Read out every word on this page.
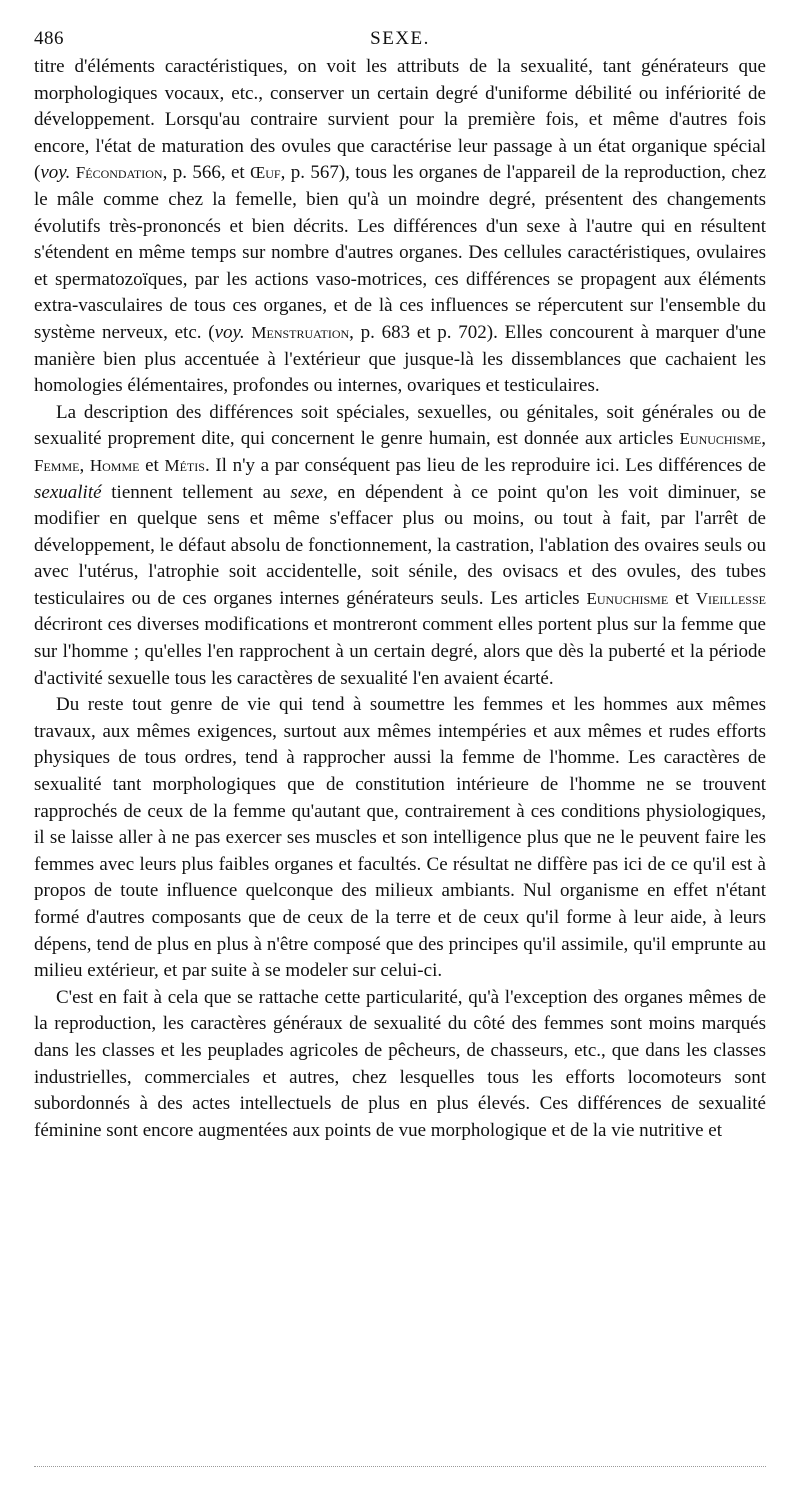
486	SEXE.

titre d'éléments caractéristiques, on voit les attributs de la sexualité, tant générateurs que morphologiques vocaux, etc., conserver un certain degré d'uniforme débilité ou infériorité de développement. Lorsqu'au contraire survient pour la première fois, et même d'autres fois encore, l'état de maturation des ovules que caractérise leur passage à un état organique spécial (voy. Fécondation, p. 566, et Œuf, p. 567), tous les organes de l'appareil de la reproduction, chez le mâle comme chez la femelle, bien qu'à un moindre degré, présentent des changements évolutifs très-prononcés et bien décrits. Les différences d'un sexe à l'autre qui en résultent s'étendent en même temps sur nombre d'autres organes. Des cellules caractéristiques, ovulaires et spermatozoïques, par les actions vaso-motrices, ces différences se propagent aux éléments extra-vasculaires de tous ces organes, et de là ces influences se répercutent sur l'ensemble du système nerveux, etc. (voy. Menstruation, p. 683 et p. 702). Elles concourent à marquer d'une manière bien plus accentuée à l'extérieur que jusque-là les dissemblances que cachaient les homologies élémentaires, profondes ou internes, ovariques et testiculaires.

La description des différences soit spéciales, sexuelles, ou génitales, soit générales ou de sexualité proprement dite, qui concernent le genre humain, est donnée aux articles Eunuchisme, Femme, Homme et Métis. Il n'y a par conséquent pas lieu de les reproduire ici. Les différences de sexualité tiennent tellement au sexe, en dépendent à ce point qu'on les voit diminuer, se modifier en quelque sens et même s'effacer plus ou moins, ou tout à fait, par l'arrêt de développement, le défaut absolu de fonctionnement, la castration, l'ablation des ovaires seuls ou avec l'utérus, l'atrophie soit accidentelle, soit sénile, des ovisacs et des ovules, des tubes testiculaires ou de ces organes internes générateurs seuls. Les articles Eunuchisme et Vieillesse décriront ces diverses modifications et montreront comment elles portent plus sur la femme que sur l'homme ; qu'elles l'en rapprochent à un certain degré, alors que dès la puberté et la période d'activité sexuelle tous les caractères de sexualité l'en avaient écarté.

Du reste tout genre de vie qui tend à soumettre les femmes et les hommes aux mêmes travaux, aux mêmes exigences, surtout aux mêmes intempéries et aux mêmes et rudes efforts physiques de tous ordres, tend à rapprocher aussi la femme de l'homme. Les caractères de sexualité tant morphologiques que de constitution intérieure de l'homme ne se trouvent rapprochés de ceux de la femme qu'autant que, contrairement à ces conditions physiologiques, il se laisse aller à ne pas exercer ses muscles et son intelligence plus que ne le peuvent faire les femmes avec leurs plus faibles organes et facultés. Ce résultat ne diffère pas ici de ce qu'il est à propos de toute influence quelconque des milieux ambiants. Nul organisme en effet n'étant formé d'autres composants que de ceux de la terre et de ceux qu'il forme à leur aide, à leurs dépens, tend de plus en plus à n'être composé que des principes qu'il assimile, qu'il emprunte au milieu extérieur, et par suite à se modeler sur celui-ci.

C'est en fait à cela que se rattache cette particularité, qu'à l'exception des organes mêmes de la reproduction, les caractères généraux de sexualité du côté des femmes sont moins marqués dans les classes et les peuplades agricoles de pêcheurs, de chasseurs, etc., que dans les classes industrielles, commerciales et autres, chez lesquelles tous les efforts locomoteurs sont subordonnés à des actes intellectuels de plus en plus élevés. Ces différences de sexualité féminine sont encore augmentées aux points de vue morphologique et de la vie nutritive et
